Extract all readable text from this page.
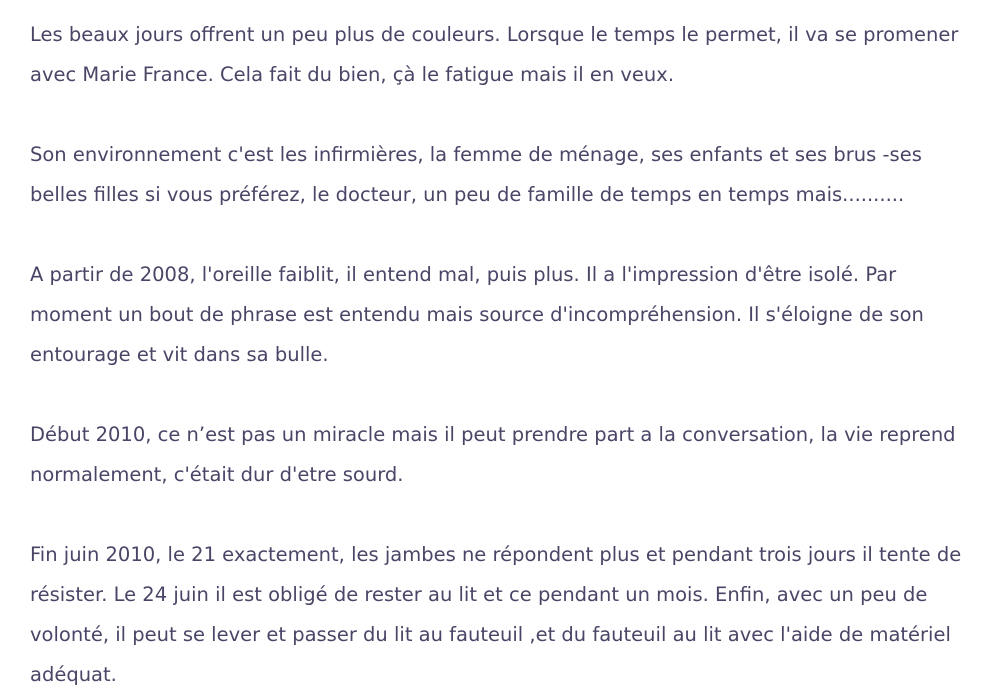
Les beaux jours offrent un peu plus de couleurs. Lorsque le temps le permet, il va se promener
avec Marie France. Cela fait du bien, çà le fatigue mais il en veux.
Son environnement c'est les infirmières, la femme de ménage, ses enfants et ses brus -ses
belles filles si vous préférez, le docteur, un peu de famille de temps en temps mais..........
A partir de 2008, l'oreille faiblit, il entend mal, puis plus. Il a l'impression d'être isolé. Par
moment un bout de phrase est entendu mais source d'incompréhension. Il s'éloigne de son
entourage et vit dans sa bulle.
Début 2010, ce n’est pas un miracle mais il peut prendre part a la conversation, la vie reprend
normalement, c'était dur d'etre sourd.
Fin juin 2010, le 21 exactement, les jambes ne répondent plus et pendant trois jours il tente de
résister. Le 24 juin il est obligé de rester au lit et ce pendant un mois. Enfin, avec un peu de
volonté, il peut se lever et passer du lit au fauteuil ,et du fauteuil au lit avec l'aide de matériel
adéquat.
